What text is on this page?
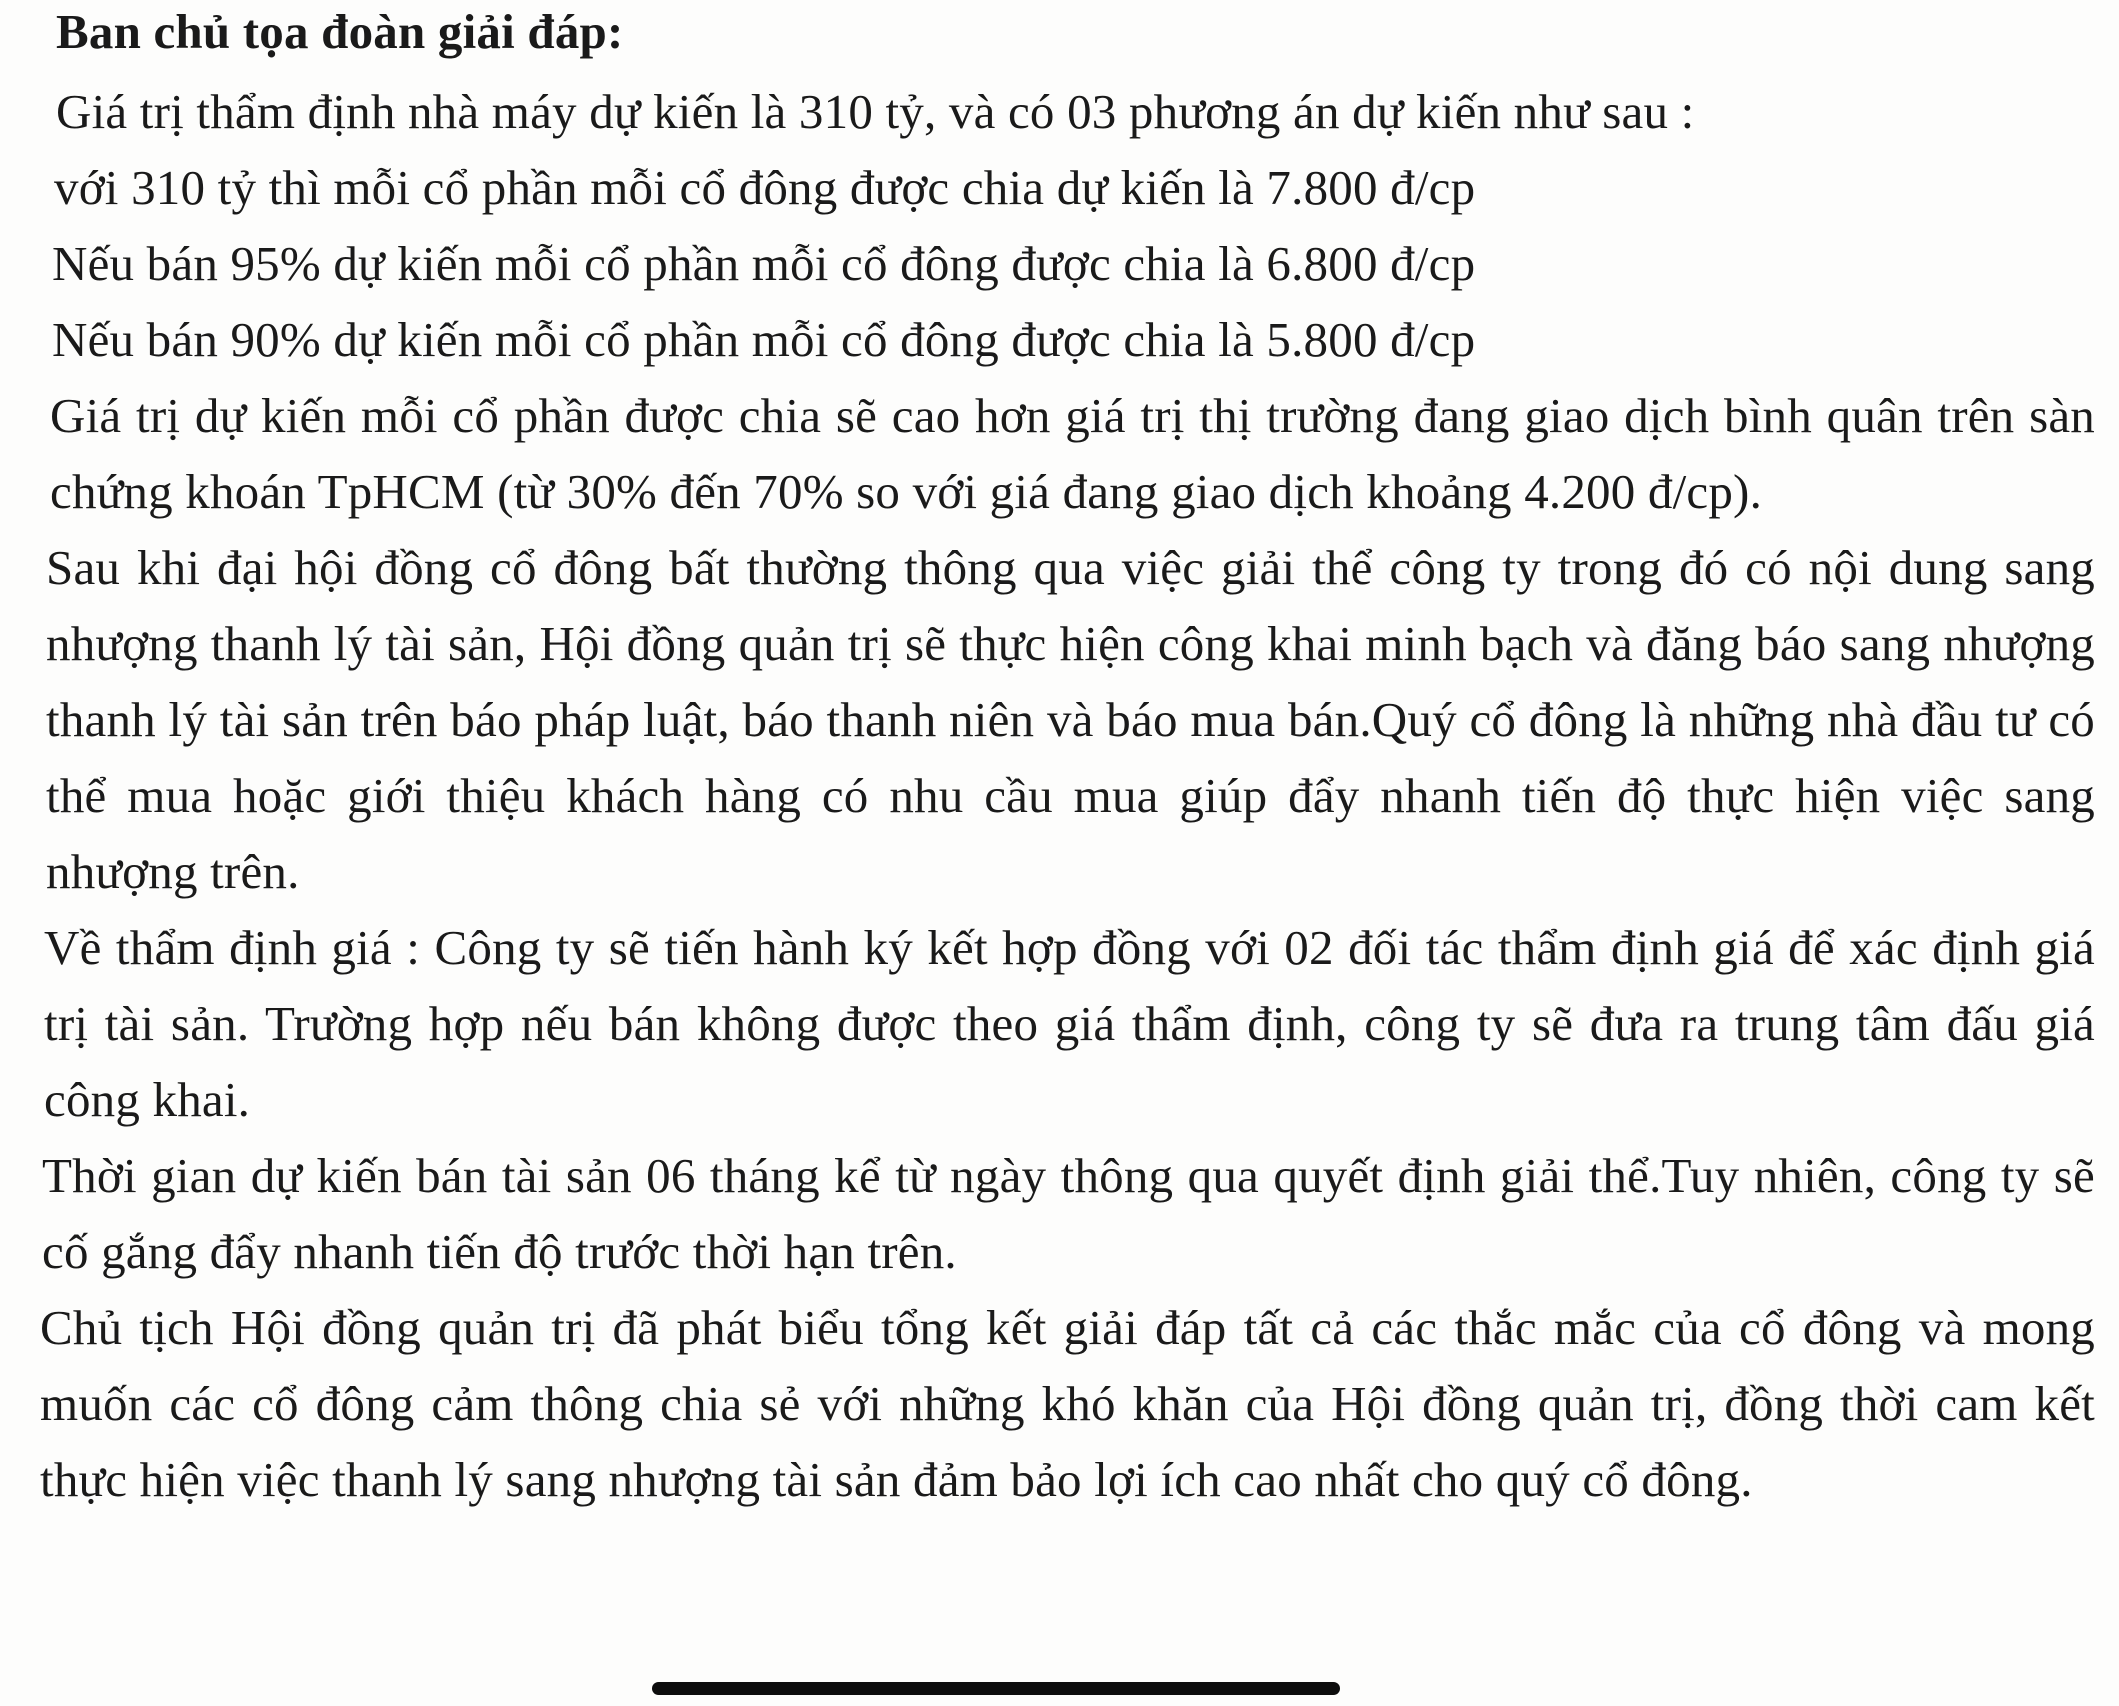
Ban chủ tọa đoàn giải đáp:

Giá trị thẩm định nhà máy dự kiến là 310 tỷ, và có 03 phương án dự kiến như sau :

với 310 tỷ thì mỗi cổ phần mỗi cổ đông được chia dự kiến là 7.800 đ/cp

Nếu bán 95% dự kiến mỗi cổ phần mỗi cổ đông được chia là 6.800 đ/cp

Nếu bán 90% dự kiến mỗi cổ phần mỗi cổ đông được chia là 5.800 đ/cp

Giá trị dự kiến mỗi cổ phần được chia sẽ cao hơn giá trị thị trường đang giao dịch bình quân trên sàn chứng khoán TpHCM (từ 30% đến 70% so với giá đang giao dịch khoảng 4.200 đ/cp).

Sau khi đại hội đồng cổ đông bất thường thông qua việc giải thể công ty trong đó có nội dung sang nhượng thanh lý tài sản, Hội đồng quản trị sẽ thực hiện công khai minh bạch và đăng báo sang nhượng thanh lý tài sản trên báo pháp luật, báo thanh niên và báo mua bán.Quý cổ đông là những nhà đầu tư có thể mua hoặc giới thiệu khách hàng có nhu cầu mua giúp đẩy nhanh tiến độ thực hiện việc sang nhượng trên.

Về thẩm định giá : Công ty sẽ tiến hành ký kết hợp đồng với 02 đối tác thẩm định giá để xác định giá trị tài sản. Trường hợp nếu bán không được theo giá thẩm định, công ty sẽ đưa ra trung tâm đấu giá công khai.

Thời gian dự kiến bán tài sản 06 tháng kể từ ngày thông qua quyết định giải thể.Tuy nhiên, công ty sẽ cố gắng đẩy nhanh tiến độ trước thời hạn trên.

Chủ tịch Hội đồng quản trị đã phát biểu tổng kết giải đáp tất cả các thắc mắc của cổ đông và mong muốn các cổ đông cảm thông chia sẻ với những khó khăn của Hội đồng quản trị, đồng thời cam kết thực hiện việc thanh lý sang nhượng tài sản đảm bảo lợi ích cao nhất cho quý cổ đông.
